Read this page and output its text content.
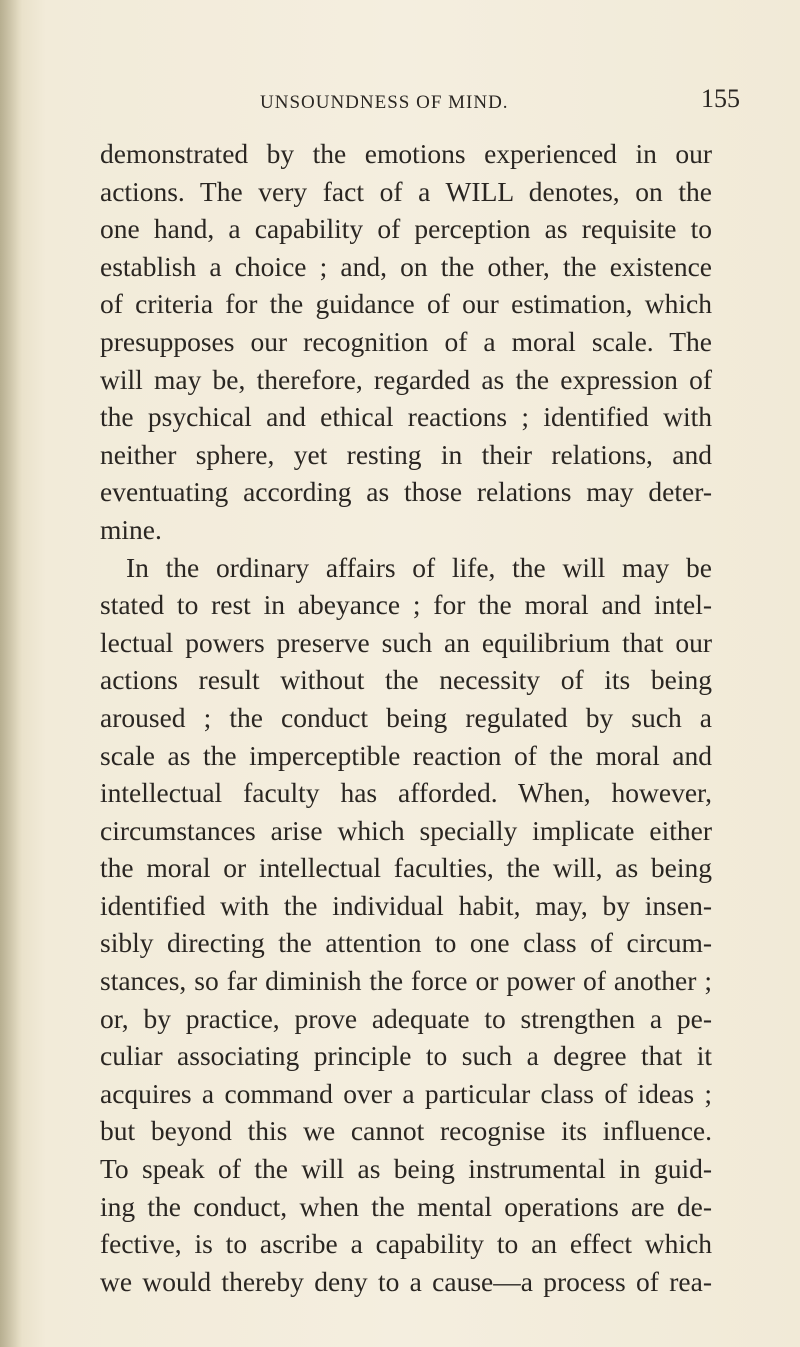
UNSOUNDNESS OF MIND.	155
demonstrated by the emotions experienced in our
actions. The very fact of a WILL denotes, on the
one hand, a capability of perception as requisite to
establish a choice ; and, on the other, the existence
of criteria for the guidance of our estimation, which
presupposes our recognition of a moral scale. The
will may be, therefore, regarded as the expression of
the psychical and ethical reactions ; identified with
neither sphere, yet resting in their relations, and
eventuating according as those relations may deter-
mine.
In the ordinary affairs of life, the will may be
stated to rest in abeyance ; for the moral and intel-
lectual powers preserve such an equilibrium that our
actions result without the necessity of its being
aroused ; the conduct being regulated by such a
scale as the imperceptible reaction of the moral and
intellectual faculty has afforded. When, however,
circumstances arise which specially implicate either
the moral or intellectual faculties, the will, as being
identified with the individual habit, may, by insen-
sibly directing the attention to one class of circum-
stances, so far diminish the force or power of another ;
or, by practice, prove adequate to strengthen a pe-
culiar associating principle to such a degree that it
acquires a command over a particular class of ideas ;
but beyond this we cannot recognise its influence.
To speak of the will as being instrumental in guid-
ing the conduct, when the mental operations are de-
fective, is to ascribe a capability to an effect which
we would thereby deny to a cause—a process of rea-
